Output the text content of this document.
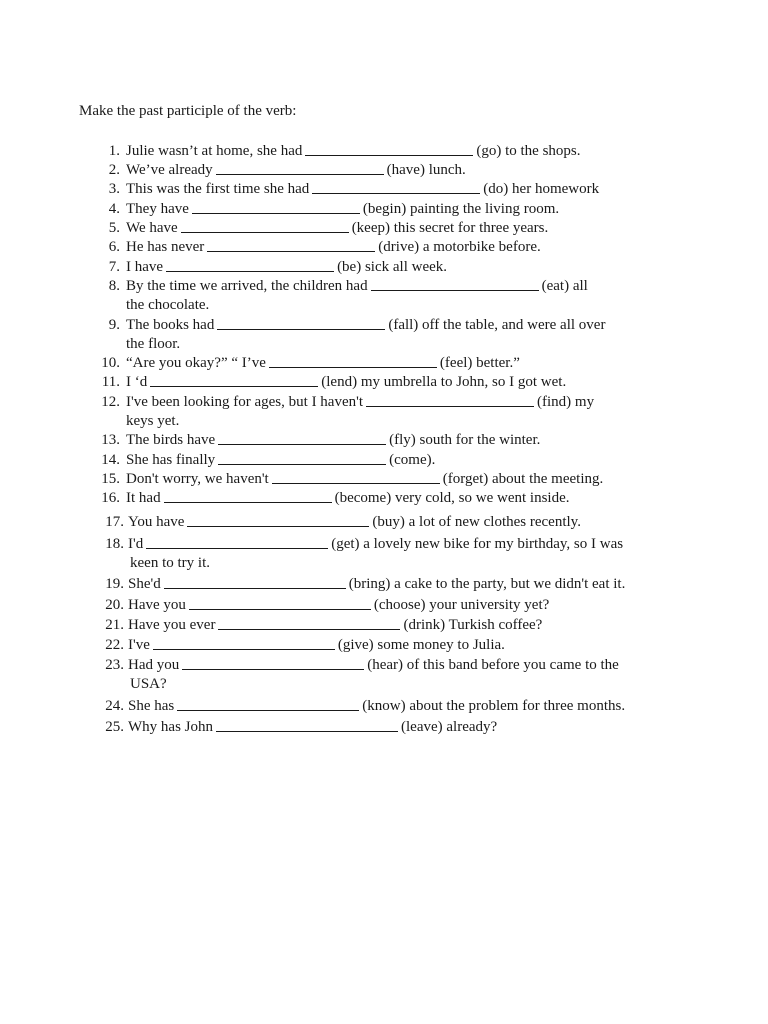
Make the past participle of the verb:
1. Julie wasn’t at home, she had	(go) to the shops.
2. We’ve already	(have) lunch.
3. This was the first time she had	(do) her homework
4. They have	(begin) painting the living room.
5. We have	(keep) this secret for three years.
6. He has never	(drive) a motorbike before.
7. I have	(be) sick all week.
8. By the time we arrived, the children had	(eat) all
the chocolate.
9. The books had	(fall) off the table, and were all over
the floor.
10. “Are you okay?” “ I’ve	(feel) better.”
11. I ‘d	(lend) my umbrella to John, so I got wet.
12. I've been looking for ages, but I haven't	(find) my
keys yet.
13. The birds have	(fly) south for the winter.
14. She has finally	(come).
15. Don't worry, we haven't	(forget) about the meeting.
16. It had	(become) very cold, so we went inside.
17. You have	(buy) a lot of new clothes recently.
18. I'd	(get) a lovely new bike for my birthday, so I was
keen to try it.
19. She'd	(bring) a cake to the party, but we didn't eat it.
20. Have you	(choose) your university yet?
21. Have you ever	(drink) Turkish coffee?
22. I've	(give) some money to Julia.
23. Had you	(hear) of this band before you came to the
USA?
24. She has	(know) about the problem for three months.
25. Why has John	(leave) already?
